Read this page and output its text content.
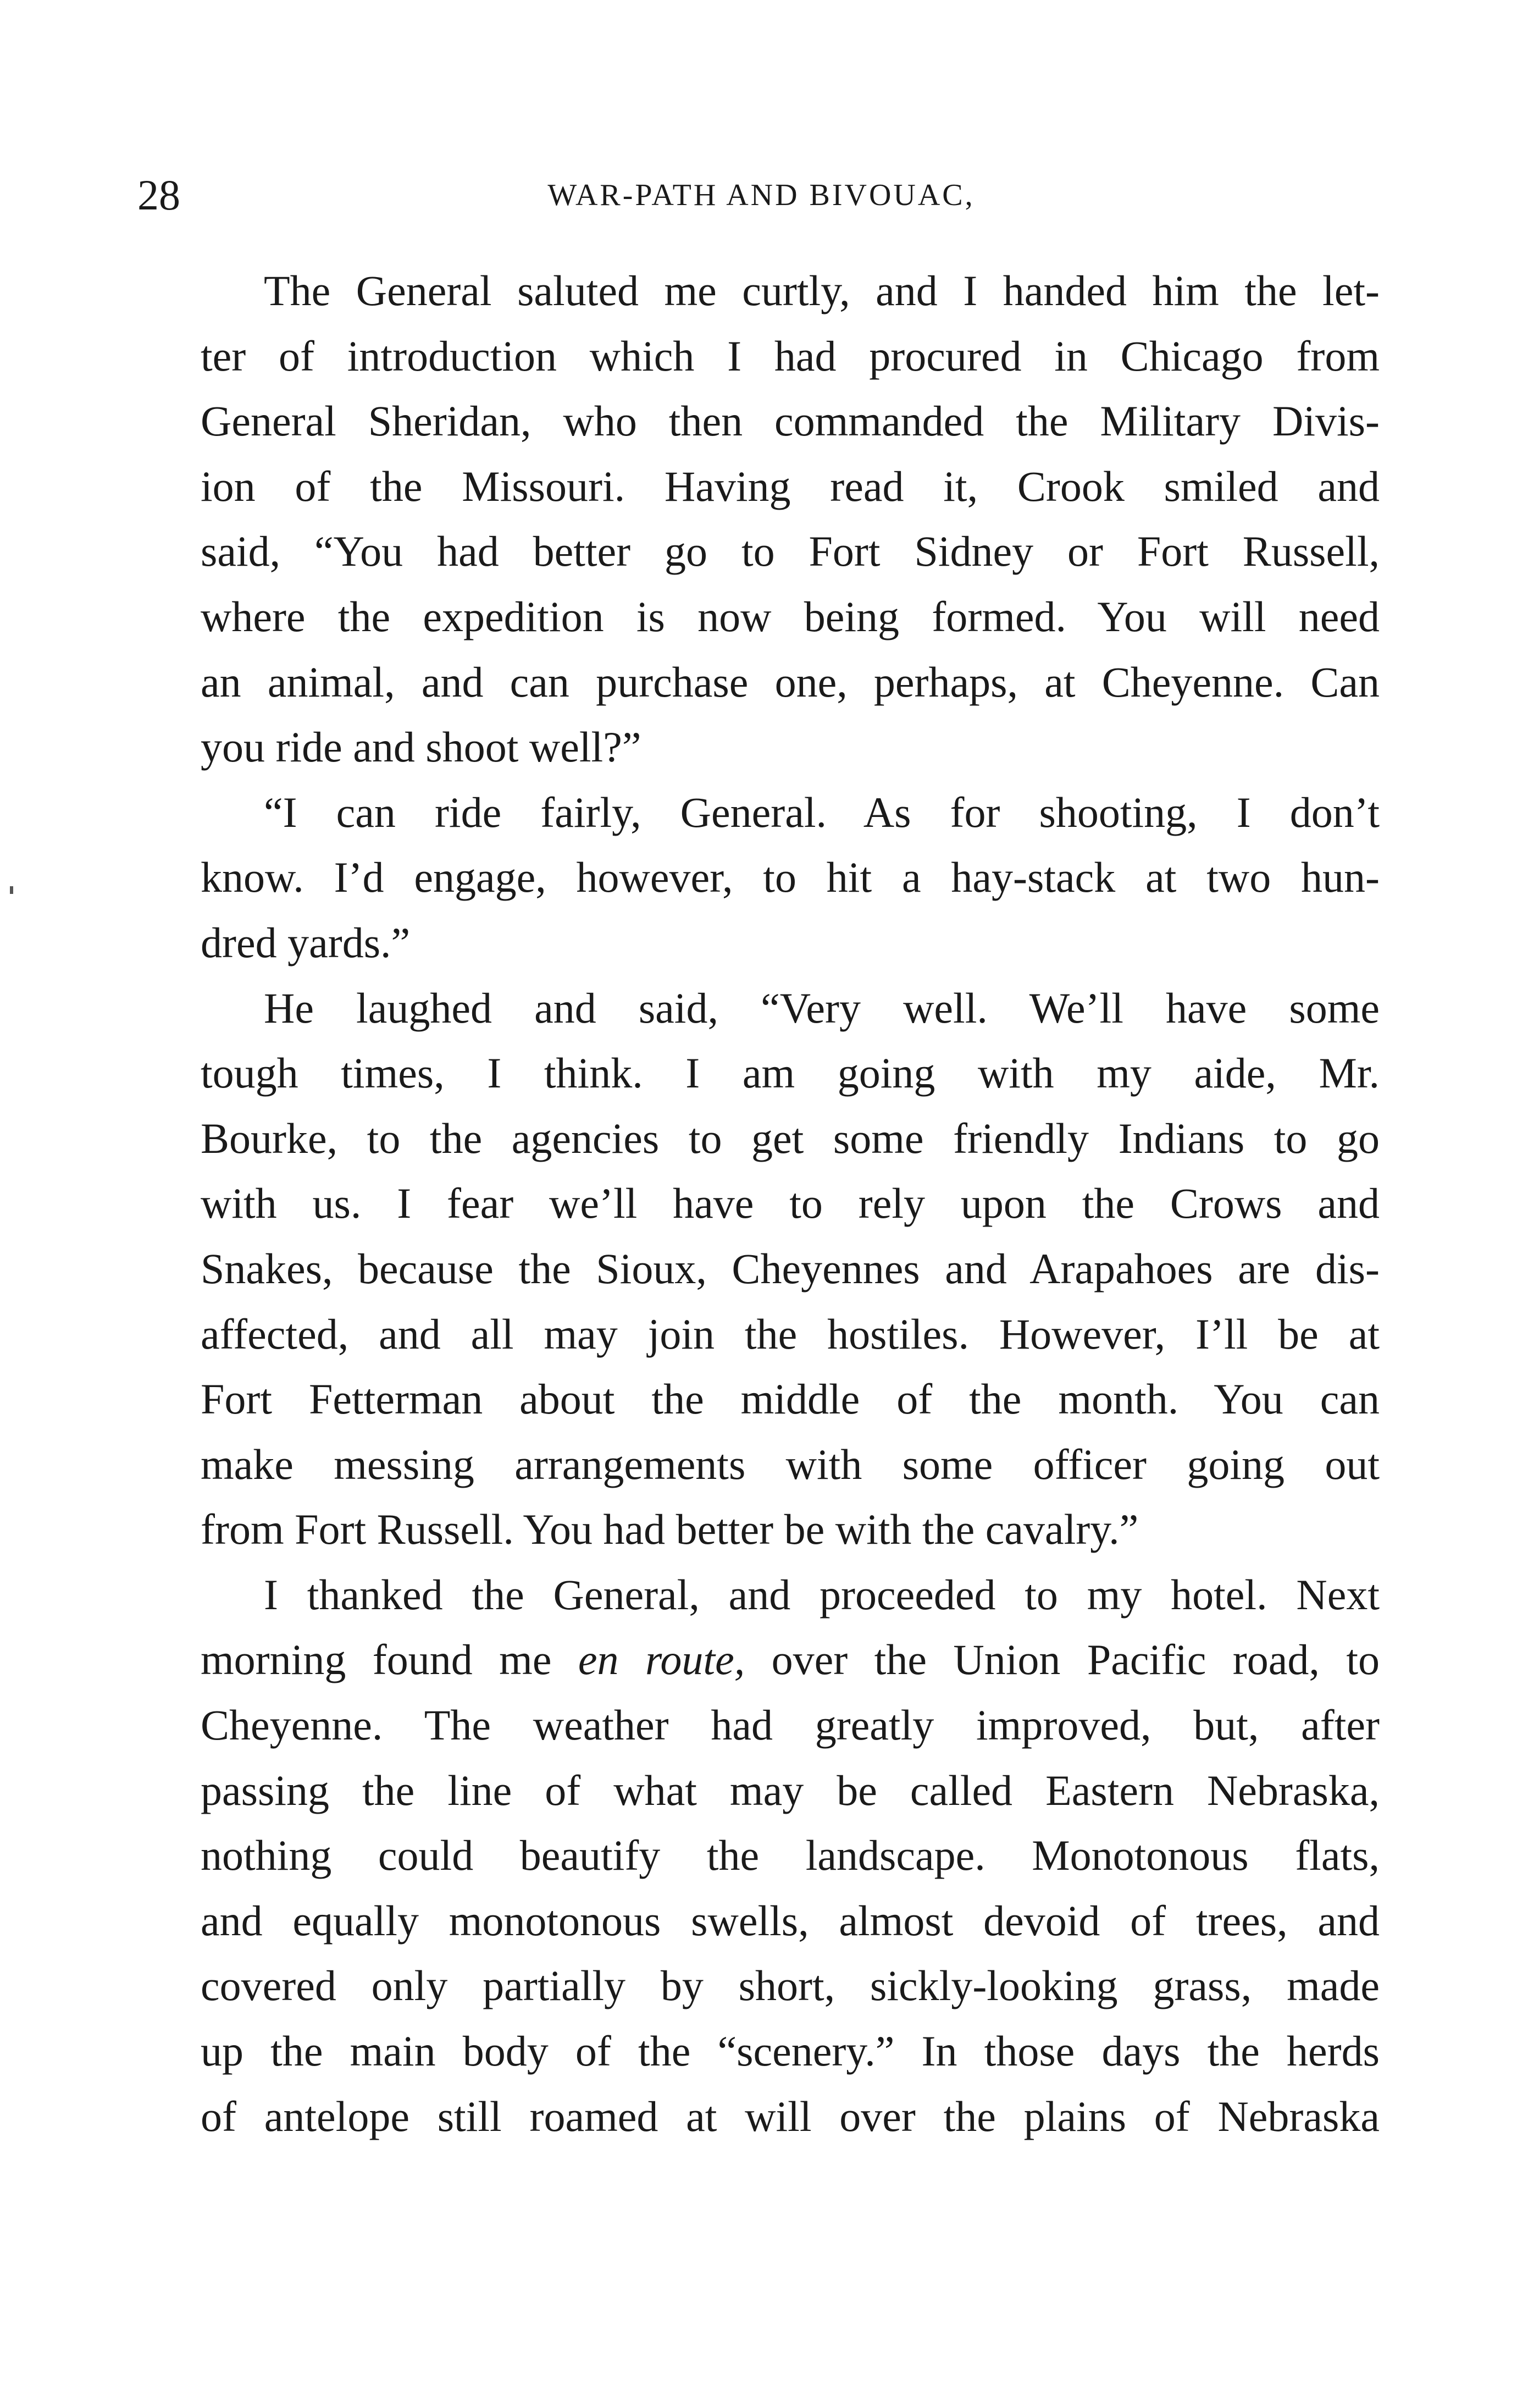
28	WAR-PATH AND BIVOUAC,
The General saluted me curtly, and I handed him the let-
ter of introduction which I had procured in Chicago from
General Sheridan, who then commanded the Military Divis-
ion of the Missouri. Having read it, Crook smiled and
said, “You had better go to Fort Sidney or Fort Russell,
where the expedition is now being formed. You will need
an animal, and can purchase one, perhaps, at Cheyenne. Can
you ride and shoot well?”
“I can ride fairly, General. As for shooting, I don’t
know. I’d engage, however, to hit a hay-stack at two hun-
dred yards.”
He laughed and said, “Very well. We’ll have some
tough times, I think. I am going with my aide, Mr.
Bourke, to the agencies to get some friendly Indians to go
with us. I fear we’ll have to rely upon the Crows and
Snakes, because the Sioux, Cheyennes and Arapahoes are dis-
affected, and all may join the hostiles. However, I’ll be at
Fort Fetterman about the middle of the month. You can
make messing arrangements with some officer going out
from Fort Russell. You had better be with the cavalry.”
I thanked the General, and proceeded to my hotel. Next
morning found me en route, over the Union Pacific road, to
Cheyenne. The weather had greatly improved, but, after
passing the line of what may be called Eastern Nebraska,
nothing could beautify the landscape. Monotonous flats,
and equally monotonous swells, almost devoid of trees, and
covered only partially by short, sickly-looking grass, made
up the main body of the “scenery.” In those days the herds
of antelope still roamed at will over the plains of Nebraska
